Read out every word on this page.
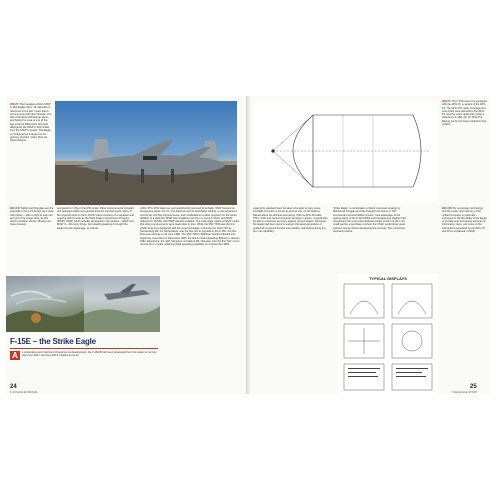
RIGHT: The Louisiana ANG's MSIP F-15A Eagles carry 'JZ' tailcodes in reference to the jazz music that is synonymous with New Orleans. The lack of bumble-fold fairings above and below the nose is one of the few external differences that help distinguish the MSIP F-15A model from the MSIP C-model. This Eagle is configured as a target tow for gunnery practice. (Gary Klett via Steve Davies)
BELOW: McDonnell Douglas saw the potential in the F-15 design as a 'dual-role' fighter – able to fight its way into and out of the target area, as this artist's rendition shows. (Boeing via Steve Davies)
compared to 7.25g of the A/B model. Other improvements included anti-resistant radios and general avionics improvements. Many of the improvements to the F-15C/D came courtesy of a separate and ongoing effort known as the Multi-Stage Improvement Program (MSIP). MSIP, which actually developed in two phases – MSIP and MSIP II – did many things, but broadly speaking it brought the Eagle into the digital age, to include
a MIL-STD-1760 data bus, and significantly improved its lethality. MSIP focused on several key areas: the CC, the data bus and its associated cabling, a new armament control set, HOTAS improvements, and modifications to allow provision for the future addition of a data link. MSIP was installed in kit form on some F-15As, and MSIP delivered F-15C/Ds with MSIP already installed. The multi-stage nature of MSIP meant that other improvements were made later in time. While the 36th TFW was the first USAF wing to be equipped with the improved Eagle, in Europe the 32nd TFS at Soesterberg AB, the Netherlands, was the first unit to upgrade to the F-15C, the first three jets arriving on 12 June 1980. The 36th TFW's 'Bulldogs' quickly followed suit, beginning conversion in December 1980, the last A-model departing Bitburg in January 1981. Elsewhere, the 44th 'Vampires' at Kadena AB, Okinawa, was the first TAC unit to receive the C-model, attaining initial operating capability on 4 November 1981.
F-15E – the Strike Eagle
A	s contentious as it had been throughout its development, the F-15A/B had been developed from the outset to not only carry four AIM-7 and four AIM-9 missiles as an air
24
F-15 EAGLE MANUAL
RIGHT: The F-15E was to be equipped with the APG-70, a variant of the APG-63. The APG-70's radar coverage and scan limits were identical to the APG-63, and the recon radar plan mode is featured in F-15E. (Dr. Dr Pnk) The Boeing set fly the basic production line. (USAF)
superiority standard load, but also to be able to carry some 15,000lb of bombs in the air-to-ground role, on 18 stations filtered about the airframe and wings. With its APG-63 radar, TISC, HUD and central computer working in unison, it would also be able to maximise accuracy against ground targets. Moreover, the Eagle had been sized to support the latest generation of guided air-to-ground bombs and missiles, still without being any jet in air capability.
'Strike Eagle', a combination of client corporate strategy by McDonnell Douglas and the foresight and vision of TAC commander General Wilbur Creech, took advantage of the ageing status of the F-111 McDonnell Douglas and Hughes had recognised that a two-seat dedicated strike version of the F-15 could well be a purchase to whom the USAF would show great interest, and set about developing the concept. The consortium received positive
TYPICAL DISPLAYS
BELOW: By computing 'technology', and the power and memory of the unified computer in particular – improved so did the ability of the Eagle to provide ever-increasing amounts of information. Here, just some of the information generated by the APG-70 and GS is explained. (USAF)
25
THE EAGLE STORY
